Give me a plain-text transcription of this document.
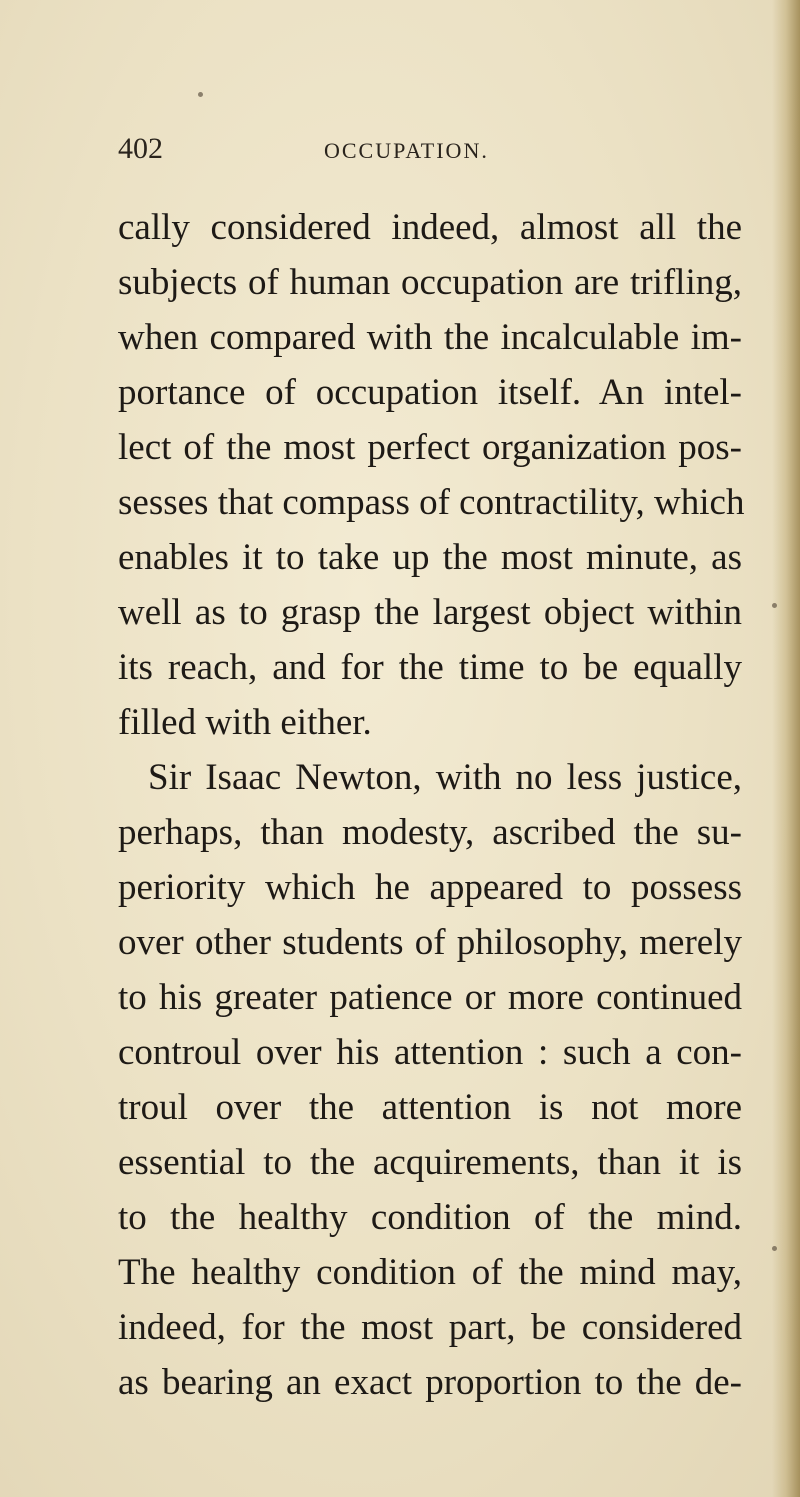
402	OCCUPATION.
cally considered indeed, almost all the
subjects of human occupation are trifling,
when compared with the incalculable im-
portance of occupation itself. An intel-
lect of the most perfect organization pos-
sesses that compass of contractility, which
enables it to take up the most minute, as
well as to grasp the largest object within
its reach, and for the time to be equally
filled with either.
Sir Isaac Newton, with no less justice,
perhaps, than modesty, ascribed the su-
periority which he appeared to possess
over other students of philosophy, merely
to his greater patience or more continued
controul over his attention : such a con-
troul over the attention is not more
essential to the acquirements, than it is
to the healthy condition of the mind.
The healthy condition of the mind may,
indeed, for the most part, be considered
as bearing an exact proportion to the de-
